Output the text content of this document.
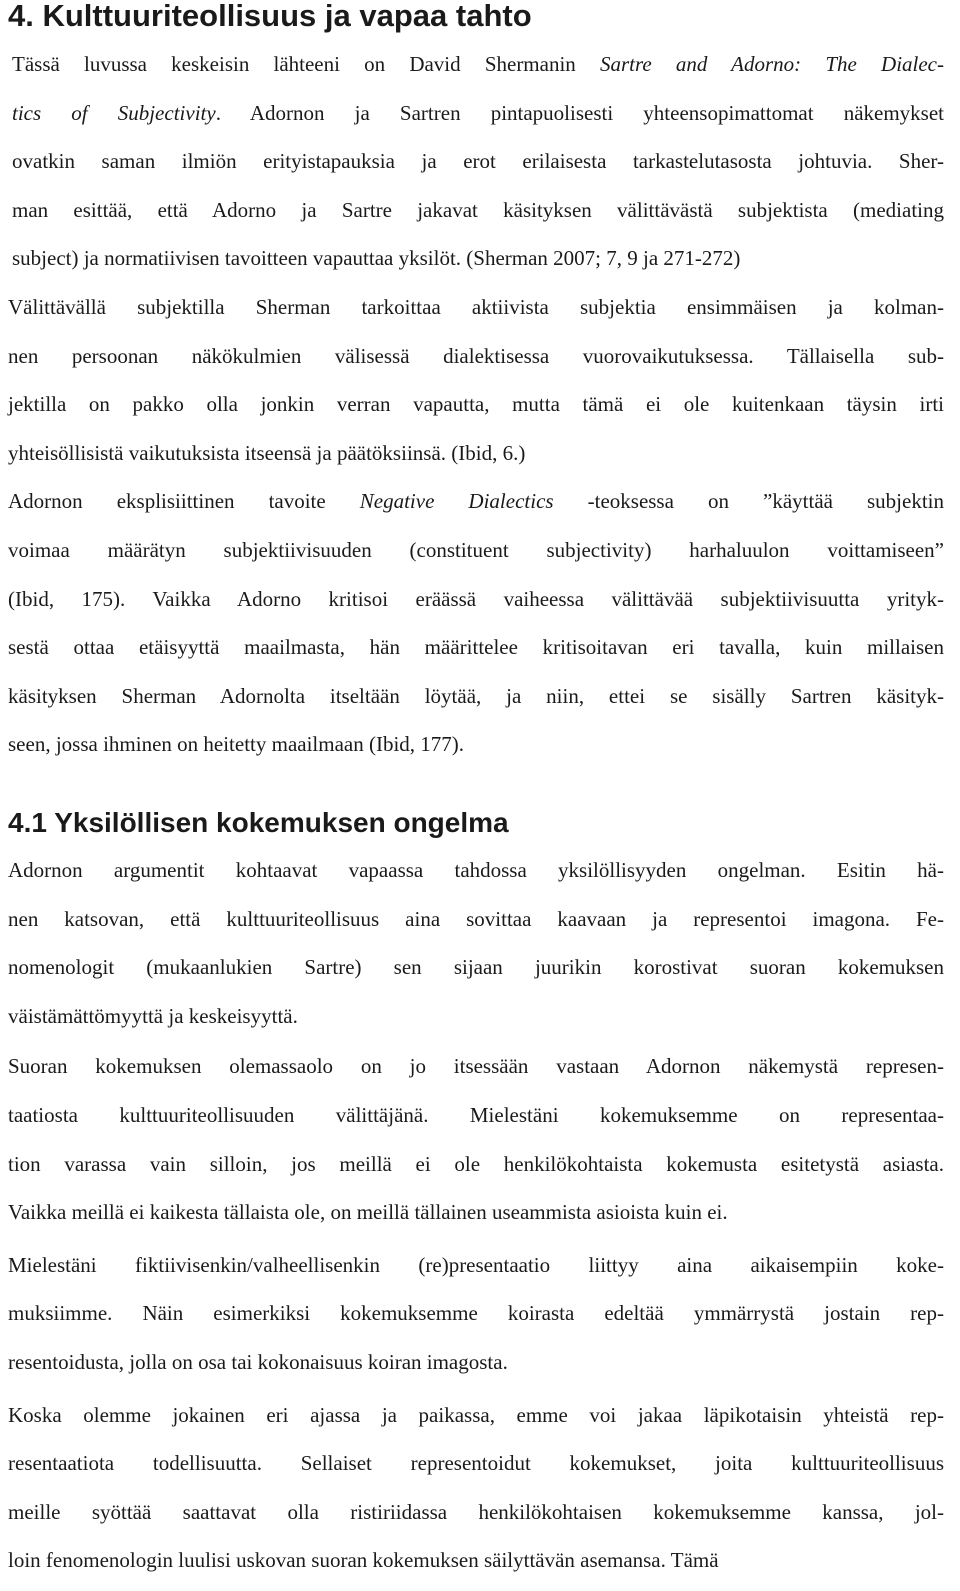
4. Kulttuuriteollisuus ja vapaa tahto
Tässä luvussa keskeisin lähteeni on David Shermanin Sartre and Adorno: The Dialec-
tics of Subjectivity. Adornon ja Sartren pintapuolisesti yhteensopimattomat näkemykset
ovatkin saman ilmiön erityistapauksia ja erot erilaisesta tarkastelutasosta johtuvia. Sher-
man esittää, että Adorno ja Sartre jakavat käsityksen välittävästä subjektista (mediating
subject) ja normatiivisen tavoitteen vapauttaa yksilöt. (Sherman 2007; 7, 9 ja 271-272)
Välittävällä subjektilla Sherman tarkoittaa aktiivista subjektia ensimmäisen ja kolman-
nen persoonan näkökulmien välisessä dialektisessa vuorovaikutuksessa. Tällaisella sub-
jektilla on pakko olla jonkin verran vapautta, mutta tämä ei ole kuitenkaan täysin irti
yhteisöllisistä vaikutuksista itseensä ja päätöksiinsä. (Ibid, 6.)
Adornon eksplisiittinen tavoite Negative Dialectics -teoksessa on ”käyttää subjektin
voimaa määrätyn subjektiivisuuden (constituent subjectivity) harhaluulon voittamiseen”
(Ibid, 175). Vaikka Adorno kritisoi eräässä vaiheessa välittävää subjektiivisuutta yrityk-
sestä ottaa etäisyyttä maailmasta, hän määrittelee kritisoitavan eri tavalla, kuin millaisen
käsityksen Sherman Adornolta itseltään löytää, ja niin, ettei se sisälly Sartren käsityk-
seen, jossa ihminen on heitetty maailmaan (Ibid, 177).
4.1 Yksilöllisen kokemuksen ongelma
Adornon argumentit kohtaavat vapaassa tahdossa yksilöllisyyden ongelman. Esitin hä-
nen katsovan, että kulttuuriteollisuus aina sovittaa kaavaan ja representoi imagona. Fe-
nomenologit (mukaanlukien Sartre) sen sijaan juurikin korostivat suoran kokemuksen
väistämättömyyttä ja keskeisyyttä.
Suoran kokemuksen olemassaolo on jo itsessään vastaan Adornon näkemystä represen-
taatiosta kulttuuriteollisuuden välittäjänä. Mielestäni kokemuksemme on representaa-
tion varassa vain silloin, jos meillä ei ole henkilökohtaista kokemusta esitetystä asiasta.
Vaikka meillä ei kaikesta tällaista ole, on meillä tällainen useammista asioista kuin ei.
Mielestäni fiktiivisenkin/valheellisenkin (re)presentaatio liittyy aina aikaisempiin koke-
muksiimme. Näin esimerkiksi kokemuksemme koirasta edeltää ymmärrystä jostain rep-
resentoidusta, jolla on osa tai kokonaisuus koiran imagosta.
Koska olemme jokainen eri ajassa ja paikassa, emme voi jakaa läpikotaisin yhteistä rep-
resentaatiota todellisuutta. Sellaiset representoidut kokemukset, joita kulttuuriteollisuus
meille syöttää saattavat olla ristiriidassa henkilökohtaisen kokemuksemme kanssa, jol-
loin fenomenologin luulisi uskovan suoran kokemuksen säilyttävän asemansa. Tämä
